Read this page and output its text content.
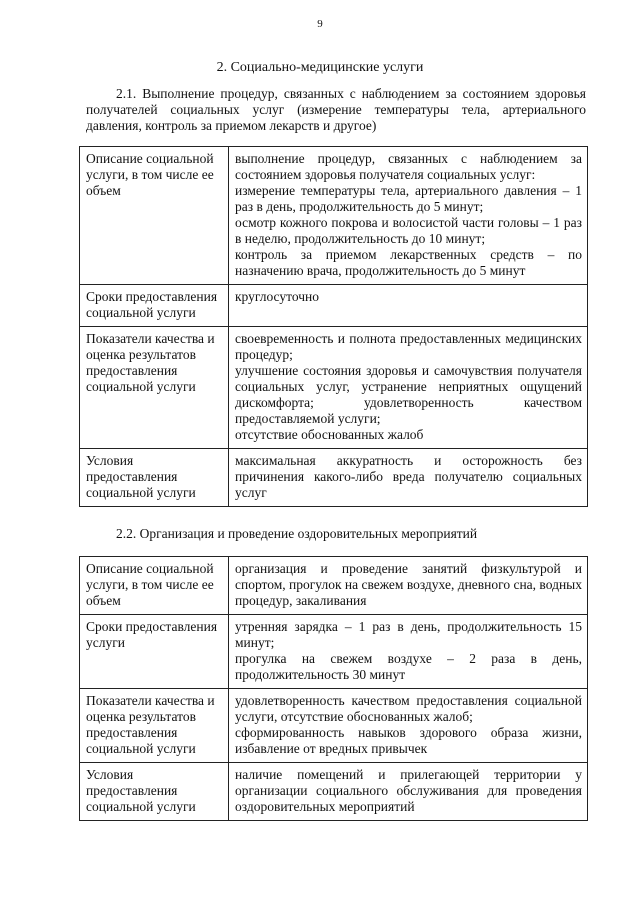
9
2. Социально-медицинские услуги
2.1. Выполнение процедур, связанных с наблюдением за состоянием здоровья получателей социальных услуг (измерение температуры тела, артериального давления, контроль за приемом лекарств и другое)
Описание социальной услуги, в том числе ее объем	выполнение процедур, связанных с наблюдением за состоянием здоровья получателя социальных услуг:
измерение температуры тела, артериального давления – 1 раз в день, продолжительность до 5 минут;
осмотр кожного покрова и волосистой части головы – 1 раз в неделю, продолжительность до 10 минут;
контроль за приемом лекарственных средств – по назначению врача, продолжительность до 5 минут

Сроки предоставления социальной услуги	круглосуточно

Показатели качества и оценка результатов предоставления социальной услуги	своевременность и полнота предоставленных медицинских процедур;
улучшение состояния здоровья и самочувствия получателя социальных услуг, устранение неприятных ощущений дискомфорта; удовлетворенность качеством предоставляемой услуги;
отсутствие обоснованных жалоб

Условия предоставления социальной услуги	максимальная аккуратность и осторожность без причинения какого-либо вреда получателю социальных услуг
2.2. Организация и проведение оздоровительных мероприятий
Описание социальной услуги, в том числе ее объем	организация и проведение занятий физкультурой и спортом, прогулок на свежем воздухе, дневного сна, водных процедур, закаливания

Сроки предоставления услуги	утренняя зарядка – 1 раз в день, продолжительность 15 минут;
прогулка на свежем воздухе – 2 раза в день, продолжительность 30 минут

Показатели качества и оценка результатов предоставления социальной услуги	удовлетворенность качеством предоставления социальной услуги, отсутствие обоснованных жалоб;
сформированность навыков здорового образа жизни, избавление от вредных привычек

Условия предоставления социальной услуги	наличие помещений и прилегающей территории у организации социального обслуживания для проведения оздоровительных мероприятий
